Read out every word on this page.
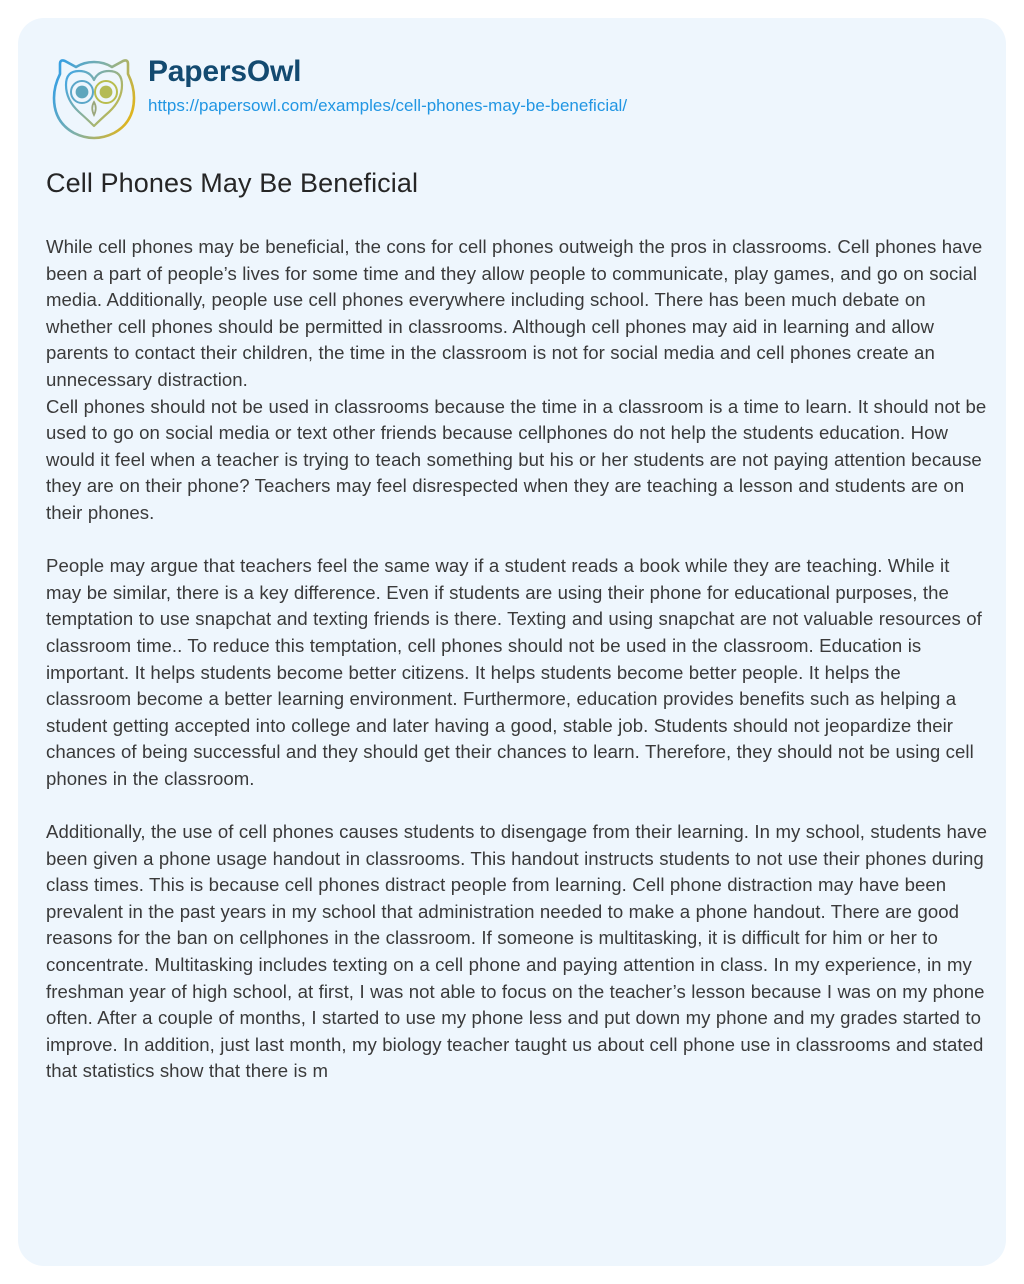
PapersOwl
https://papersowl.com/examples/cell-phones-may-be-beneficial/
Cell Phones May Be Beneficial

While cell phones may be beneficial, the cons for cell phones outweigh the pros in classrooms. Cell phones have been a part of people’s lives for some time and they allow people to communicate, play games, and go on social media. Additionally, people use cell phones everywhere including school. There has been much debate on whether cell phones should be permitted in classrooms. Although cell phones may aid in learning and allow parents to contact their children, the time in the classroom is not for social media and cell phones create an unnecessary distraction.

Cell phones should not be used in classrooms because the time in a classroom is a time to learn. It should not be used to go on social media or text other friends because cellphones do not help the students education. How would it feel when a teacher is trying to teach something but his or her students are not paying attention because they are on their phone? Teachers may feel disrespected when they are teaching a lesson and students are on their phones.

People may argue that teachers feel the same way if a student reads a book while they are teaching. While it may be similar, there is a key difference. Even if students are using their phone for educational purposes, the temptation to use snapchat and texting friends is there. Texting and using snapchat are not valuable resources of classroom time.. To reduce this temptation, cell phones should not be used in the classroom. Education is important. It helps students become better citizens. It helps students become better people. It helps the classroom become a better learning environment. Furthermore, education provides benefits such as helping a student getting accepted into college and later having a good, stable job. Students should not jeopardize their chances of being successful and they should get their chances to learn. Therefore, they should not be using cell phones in the classroom.

Additionally, the use of cell phones causes students to disengage from their learning. In my school, students have been given a phone usage handout in classrooms. This handout instructs students to not use their phones during class times. This is because cell phones distract people from learning. Cell phone distraction may have been prevalent in the past years in my school that administration needed to make a phone handout. There are good reasons for the ban on cellphones in the classroom. If someone is multitasking, it is difficult for him or her to concentrate. Multitasking includes texting on a cell phone and paying attention in class. In my experience, in my freshman year of high school, at first, I was not able to focus on the teacher’s lesson because I was on my phone often. After a couple of months, I started to use my phone less and put down my phone and my grades started to improve. In addition, just last month, my biology teacher taught us about cell phone use in classrooms and stated that statistics show that there is m
